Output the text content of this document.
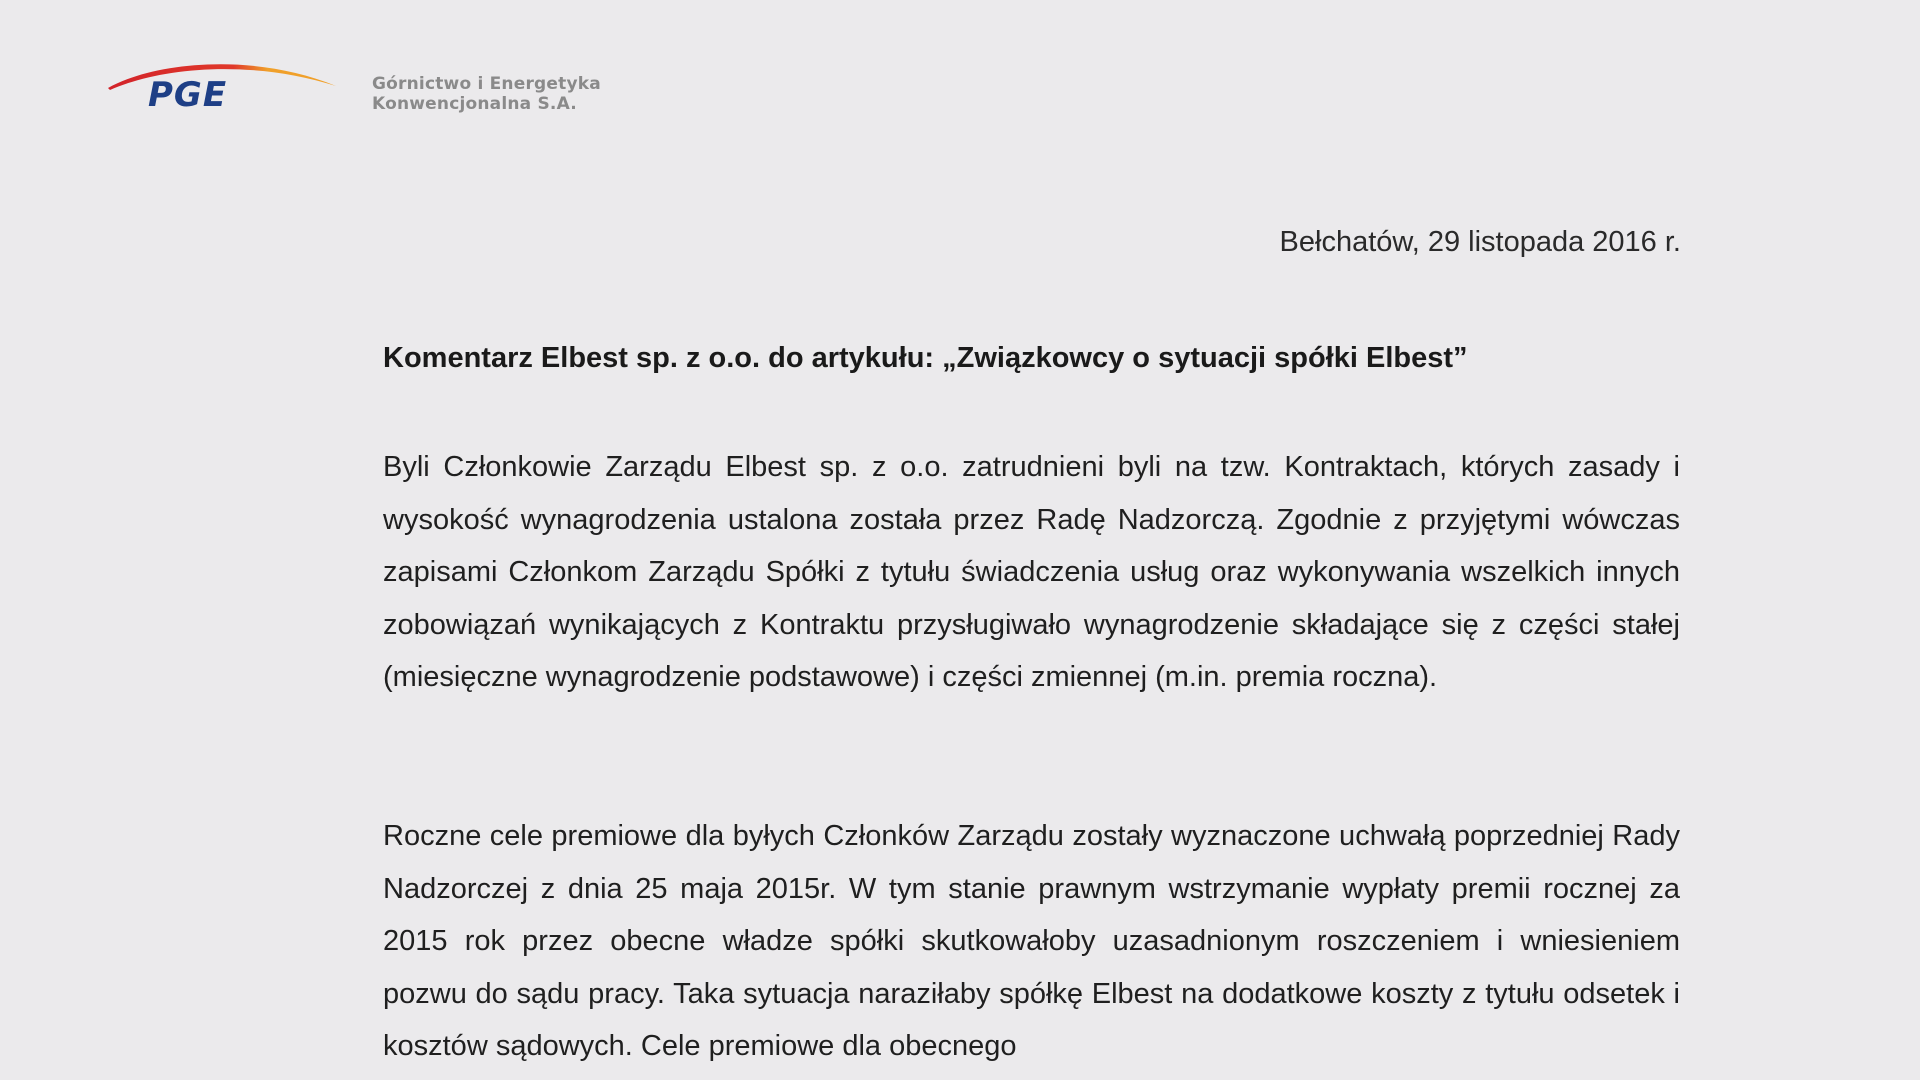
PGE	Górnictwo i Energetyka
Konwencjonalna S.A.
Bełchatów, 29 listopada 2016 r.
Komentarz Elbest sp. z o.o. do artykułu: „Związkowcy o sytuacji spółki Elbest”
Byli Członkowie Zarządu Elbest sp. z o.o. zatrudnieni byli na tzw. Kontraktach, których zasady i wysokość wynagrodzenia ustalona została przez Radę Nadzorczą. Zgodnie z przyjętymi wówczas zapisami Członkom Zarządu Spółki z tytułu świadczenia usług oraz wykonywania wszelkich innych zobowiązań wynikających z Kontraktu przysługiwało wynagrodzenie składające się z części stałej (miesięczne wynagrodzenie podstawowe) i części zmiennej (m.in. premia roczna).
Roczne cele premiowe dla byłych Członków Zarządu zostały wyznaczone uchwałą poprzedniej Rady Nadzorczej z dnia 25 maja 2015r. W tym stanie prawnym wstrzymanie wypłaty premii rocznej za 2015 rok przez obecne władze spółki skutkowałoby uzasadnionym roszczeniem i wniesieniem pozwu do sądu pracy. Taka sytuacja naraziłaby spółkę Elbest na dodatkowe koszty z tytułu odsetek i kosztów sądowych. Cele premiowe dla obecnego
